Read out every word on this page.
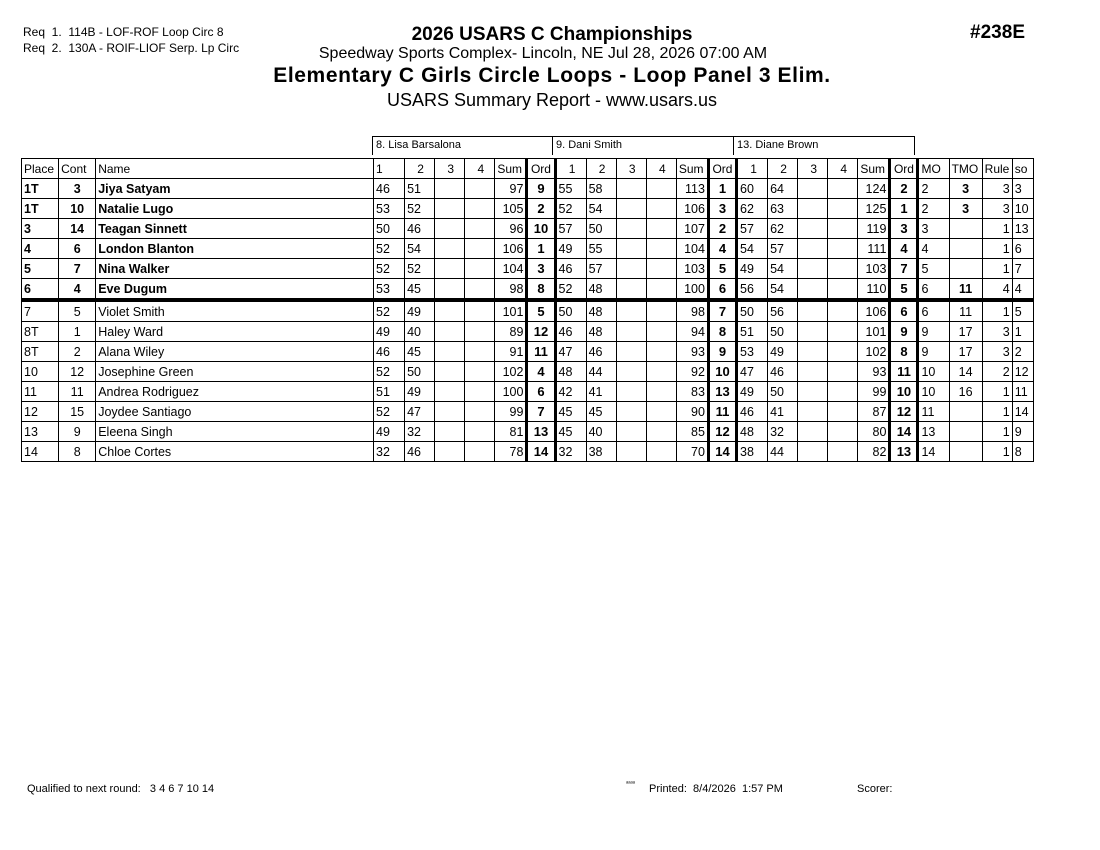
Req  1.  114B - LOF-ROF Loop Circ 8
Req  2.  130A - ROIF-LIOF Serp. Lp Circ
#238E
2026 USARS C Championships
Speedway Sports Complex- Lincoln, NE Jul 28, 2026 07:00 AM
Elementary C Girls Circle Loops - Loop Panel 3 Elim.
USARS Summary Report - www.usars.us
8. Lisa Barsalona	9. Dani Smith	13. Diane Brown
Place	Cont	Name	1	2	3	4	Sum	Ord	1	2	3	4	Sum	Ord	1	2	3	4	Sum	Ord	MO	TMO	Rule	so
1T	3	Jiya Satyam	46	51			97	9	55	58			113	1	60	64			124	2	2	3	3	3
1T	10	Natalie Lugo	53	52			105	2	52	54			106	3	62	63			125	1	2	3	3	10
3	14	Teagan Sinnett	50	46			96	10	57	50			107	2	57	62			119	3	3		1	13
4	6	London Blanton	52	54			106	1	49	55			104	4	54	57			111	4	4		1	6
5	7	Nina Walker	52	52			104	3	46	57			103	5	49	54			103	7	5		1	7
6	4	Eve Dugum	53	45			98	8	52	48			100	6	56	54			110	5	6	11	4	4
7	5	Violet Smith	52	49			101	5	50	48			98	7	50	56			106	6	6	11	1	5
8T	1	Haley Ward	49	40			89	12	46	48			94	8	51	50			101	9	9	17	3	1
8T	2	Alana Wiley	46	45			91	11	47	46			93	9	53	49			102	8	9	17	3	2
10	12	Josephine Green	52	50			102	4	48	44			92	10	47	46			93	11	10	14	2	12
11	11	Andrea Rodriguez	51	49			100	6	42	41			83	13	49	50			99	10	10	16	1	11
12	15	Joydee Santiago	52	47			99	7	45	45			90	11	46	41			87	12	11		1	14
13	9	Eleena Singh	49	32			81	13	45	40			85	12	48	32			80	14	13		1	9
14	8	Chloe Cortes	32	46			78	14	32	38			70	14	38	44			82	13	14		1	8
Qualified to next round:   3 4 6 7 10 14	ᵃᵃᵃᵃ Printed:  8/4/2026  1:57 PM	Scorer:
